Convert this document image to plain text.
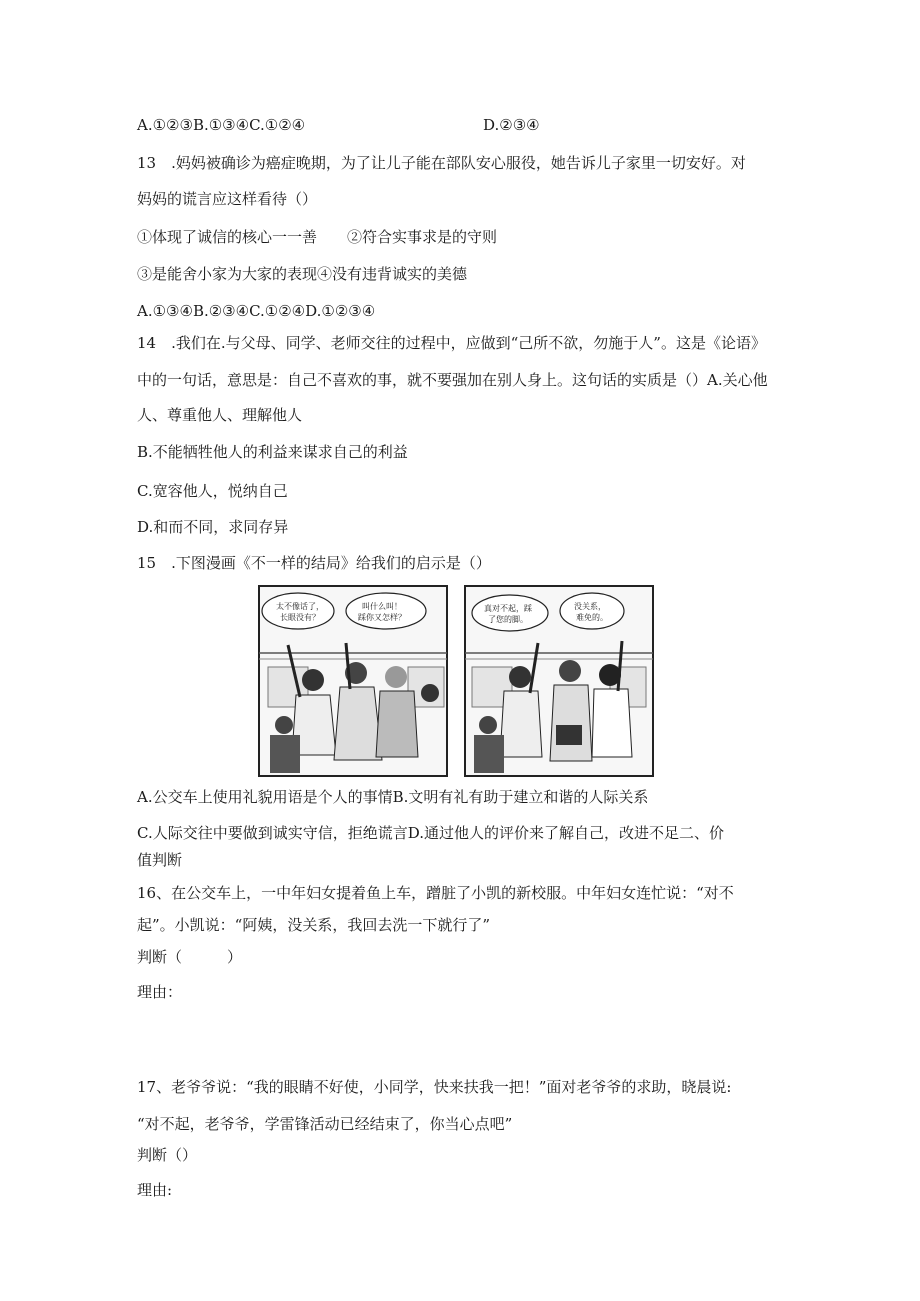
A.①②③B.①③④C.①②④	D.②③④
13　.妈妈被确诊为癌症晚期，为了让儿子能在部队安心服役，她告诉儿子家里一切安好。对
妈妈的谎言应这样看待（）
①体现了诚信的核心一一善　　②符合实事求是的守则
③是能舍小家为大家的表现④没有违背诚实的美德
A.①③④B.②③④C.①②④D.①②③④
14　.我们在.与父母、同学、老师交往的过程中，应做到“己所不欲，勿施于人”。这是《论语》
中的一句话，意思是：自己不喜欢的事，就不要强加在别人身上。这句话的实质是（）A.关心他
人、尊重他人、理解他人
B.不能牺牲他人的利益来谋求自己的利益
C.宽容他人，悦纳自己
D.和而不同，求同存异
15　.下图漫画《不一样的结局》给我们的启示是（）
太不像话了，
长眼没有？
叫什么叫！
踩你又怎样？
真对不起，踩
了您的脚。
没关系，
难免的。
A.公交车上使用礼貌用语是个人的事情B.文明有礼有助于建立和谐的人际关系
C.人际交往中要做到诚实守信，拒绝谎言D.通过他人的评价来了解自己，改进不足二、价
值判断
16、在公交车上，一中年妇女提着鱼上车，蹭脏了小凯的新校服。中年妇女连忙说：“对不
起”。小凯说：“阿姨，没关系，我回去洗一下就行了”
判断（　　　）
理由：
17、老爷爷说：“我的眼睛不好使，小同学，快来扶我一把！”面对老爷爷的求助，晓晨说:
“对不起，老爷爷，学雷锋活动已经结束了，你当心点吧”
判断（）
理由:
